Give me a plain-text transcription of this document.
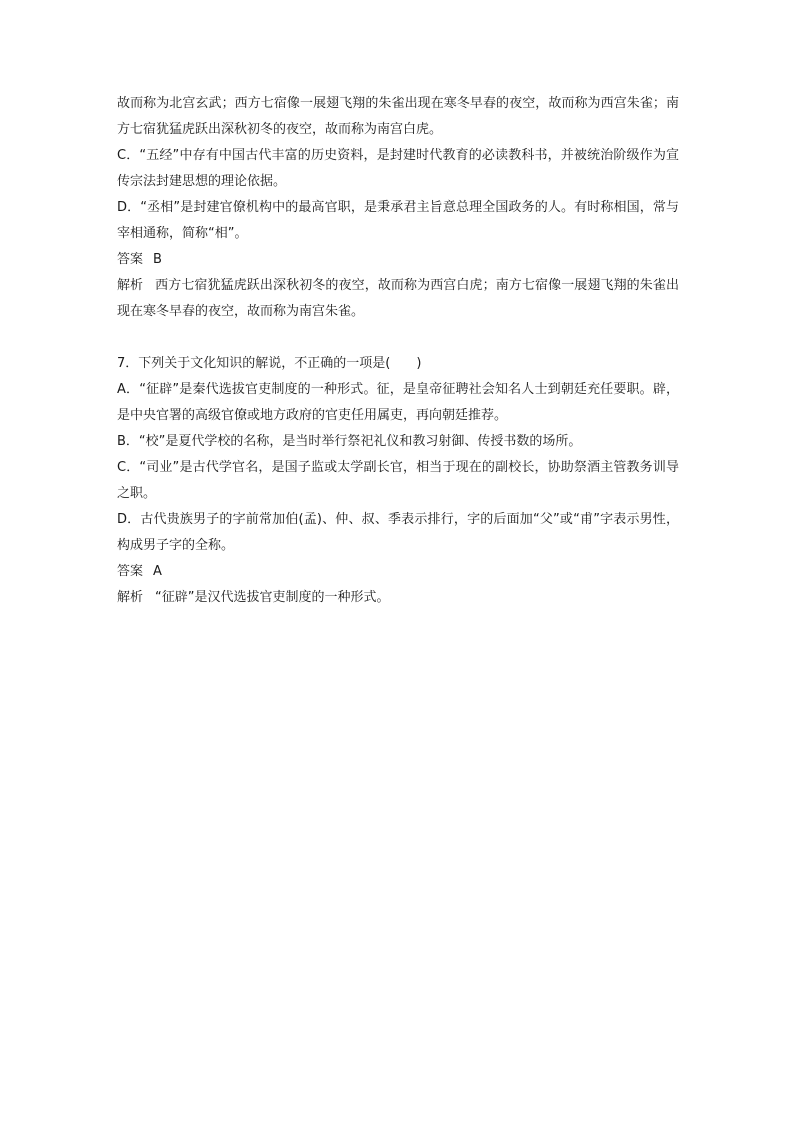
故而称为北宫玄武；西方七宿像一展翅飞翔的朱雀出现在寒冬早春的夜空，故而称为西宫朱雀；南方七宿犹猛虎跃出深秋初冬的夜空，故而称为南宫白虎。

C．“五经”中存有中国古代丰富的历史资料，是封建时代教育的必读教科书，并被统治阶级作为宣传宗法封建思想的理论依据。

D．“丞相”是封建官僚机构中的最高官职，是秉承君主旨意总理全国政务的人。有时称相国，常与宰相通称，简称“相”。

答案 B

解析 西方七宿犹猛虎跃出深秋初冬的夜空，故而称为西宫白虎；南方七宿像一展翅飞翔的朱雀出现在寒冬早春的夜空，故而称为南宫朱雀。

7．下列关于文化知识的解说，不正确的一项是(　　)

A．“征辟”是秦代选拔官吏制度的一种形式。征，是皇帝征聘社会知名人士到朝廷充任要职。辟，是中央官署的高级官僚或地方政府的官吏任用属吏，再向朝廷推荐。

B．“校”是夏代学校的名称，是当时举行祭祀礼仪和教习射御、传授书数的场所。

C．“司业”是古代学官名，是国子监或太学副长官，相当于现在的副校长，协助祭酒主管教务训导之职。

D．古代贵族男子的字前常加伯(孟)、仲、叔、季表示排行，字的后面加“父”或“甫”字表示男性，构成男子字的全称。

答案 A

解析 “征辟”是汉代选拔官吏制度的一种形式。
